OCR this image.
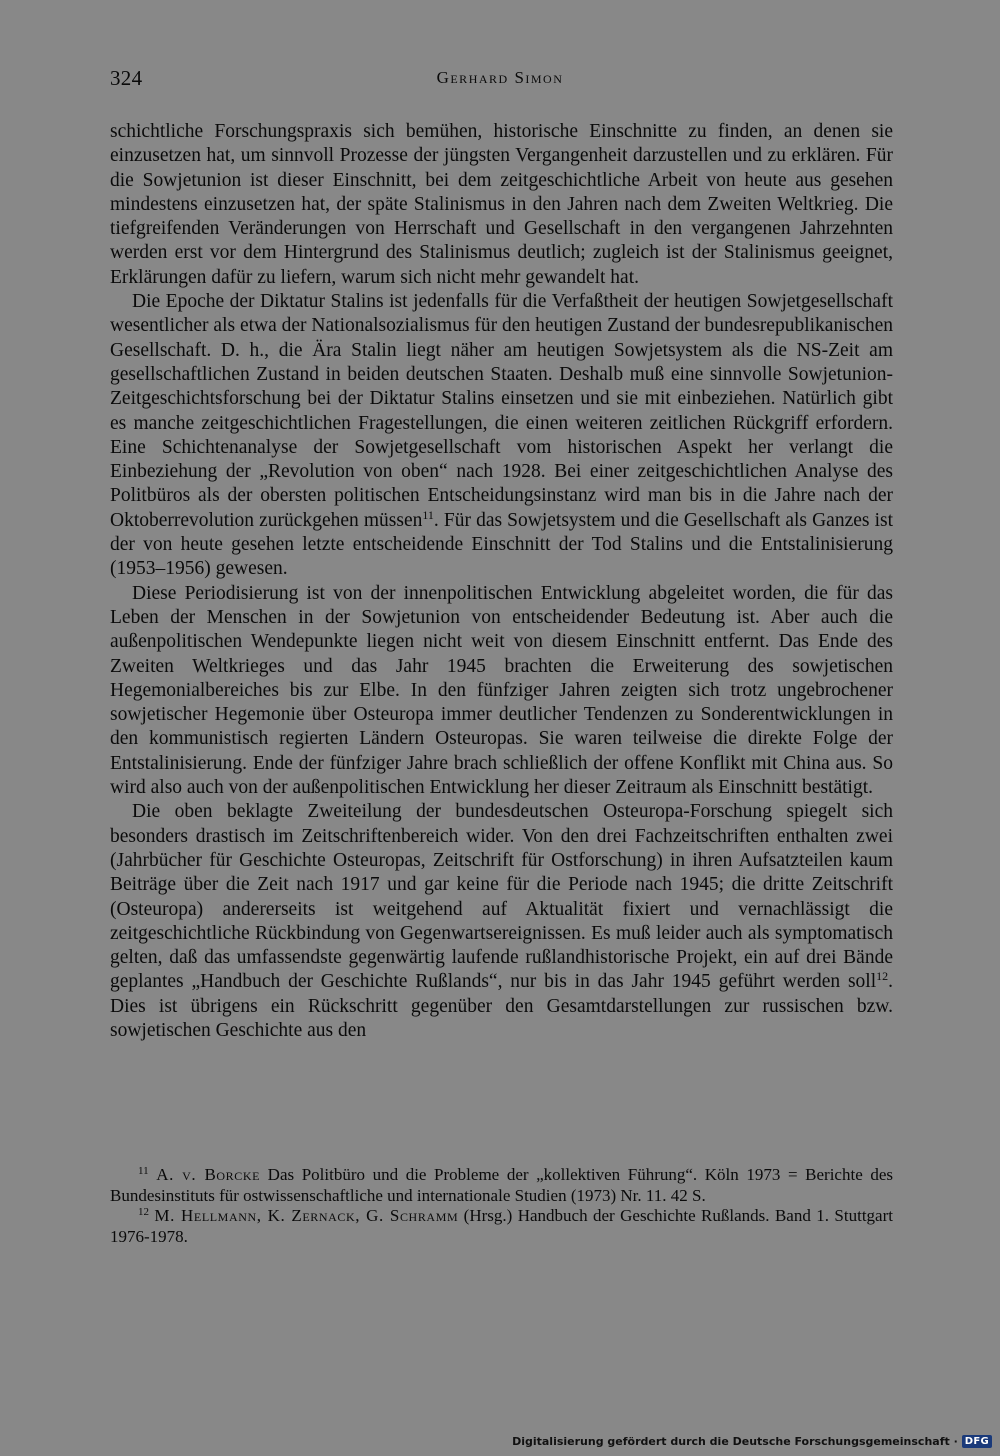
324	Gerhard Simon

schichtliche Forschungspraxis sich bemühen, historische Einschnitte zu finden, an denen sie einzusetzen hat, um sinnvoll Prozesse der jüngsten Vergangenheit darzustellen und zu erklären. Für die Sowjetunion ist dieser Einschnitt, bei dem zeitgeschichtliche Arbeit von heute aus gesehen mindestens einzusetzen hat, der späte Stalinismus in den Jahren nach dem Zweiten Weltkrieg. Die tiefgreifenden Veränderungen von Herrschaft und Gesellschaft in den vergangenen Jahrzehnten werden erst vor dem Hintergrund des Stalinismus deutlich; zugleich ist der Stalinismus geeignet, Erklärungen dafür zu liefern, warum sich nicht mehr gewandelt hat.

Die Epoche der Diktatur Stalins ist jedenfalls für die Verfaßtheit der heutigen Sowjetgesellschaft wesentlicher als etwa der Nationalsozialismus für den heutigen Zustand der bundesrepublikanischen Gesellschaft. D. h., die Ära Stalin liegt näher am heutigen Sowjetsystem als die NS-Zeit am gesellschaftlichen Zustand in beiden deutschen Staaten. Deshalb muß eine sinnvolle Sowjetunion-Zeitgeschichtsforschung bei der Diktatur Stalins einsetzen und sie mit einbeziehen. Natürlich gibt es manche zeitgeschichtlichen Fragestellungen, die einen weiteren zeitlichen Rückgriff erfordern. Eine Schichtenanalyse der Sowjetgesellschaft vom historischen Aspekt her verlangt die Einbeziehung der „Revolution von oben“ nach 1928. Bei einer zeitgeschichtlichen Analyse des Politbüros als der obersten politischen Entscheidungsinstanz wird man bis in die Jahre nach der Oktoberrevolution zurückgehen müssen$^{11}$. Für das Sowjetsystem und die Gesellschaft als Ganzes ist der von heute gesehen letzte entscheidende Einschnitt der Tod Stalins und die Entstalinisierung (1953–1956) gewesen.

Diese Periodisierung ist von der innenpolitischen Entwicklung abgeleitet worden, die für das Leben der Menschen in der Sowjetunion von entscheidender Bedeutung ist. Aber auch die außenpolitischen Wendepunkte liegen nicht weit von diesem Einschnitt entfernt. Das Ende des Zweiten Weltkrieges und das Jahr 1945 brachten die Erweiterung des sowjetischen Hegemonialbereiches bis zur Elbe. In den fünfziger Jahren zeigten sich trotz ungebrochener sowjetischer Hegemonie über Osteuropa immer deutlicher Tendenzen zu Sonderentwicklungen in den kommunistisch regierten Ländern Osteuropas. Sie waren teilweise die direkte Folge der Entstalinisierung. Ende der fünfziger Jahre brach schließlich der offene Konflikt mit China aus. So wird also auch von der außenpolitischen Entwicklung her dieser Zeitraum als Einschnitt bestätigt.

Die oben beklagte Zweiteilung der bundesdeutschen Osteuropa-Forschung spiegelt sich besonders drastisch im Zeitschriftenbereich wider. Von den drei Fachzeitschriften enthalten zwei (Jahrbücher für Geschichte Osteuropas, Zeitschrift für Ostforschung) in ihren Aufsatzteilen kaum Beiträge über die Zeit nach 1917 und gar keine für die Periode nach 1945; die dritte Zeitschrift (Osteuropa) andererseits ist weitgehend auf Aktualität fixiert und vernachlässigt die zeitgeschichtliche Rückbindung von Gegenwartsereignissen. Es muß leider auch als symptomatisch gelten, daß das umfassendste gegenwärtig laufende rußlandhistorische Projekt, ein auf drei Bände geplantes „Handbuch der Geschichte Rußlands“, nur bis in das Jahr 1945 geführt werden soll$^{12}$. Dies ist übrigens ein Rückschritt gegenüber den Gesamtdarstellungen zur russischen bzw. sowjetischen Geschichte aus den

$^{11}$ A. v. Borcke Das Politbüro und die Probleme der „kollektiven Führung“. Köln 1973 = Berichte des Bundesinstituts für ostwissenschaftliche und internationale Studien (1973) Nr. 11. 42 S.

$^{12}$ M. Hellmann, K. Zernack, G. Schramm (Hrsg.) Handbuch der Geschichte Rußlands. Band 1. Stuttgart 1976-1978.

Digitalisierung gefördert durch die Deutsche Forschungsgemeinschaft · DFG
